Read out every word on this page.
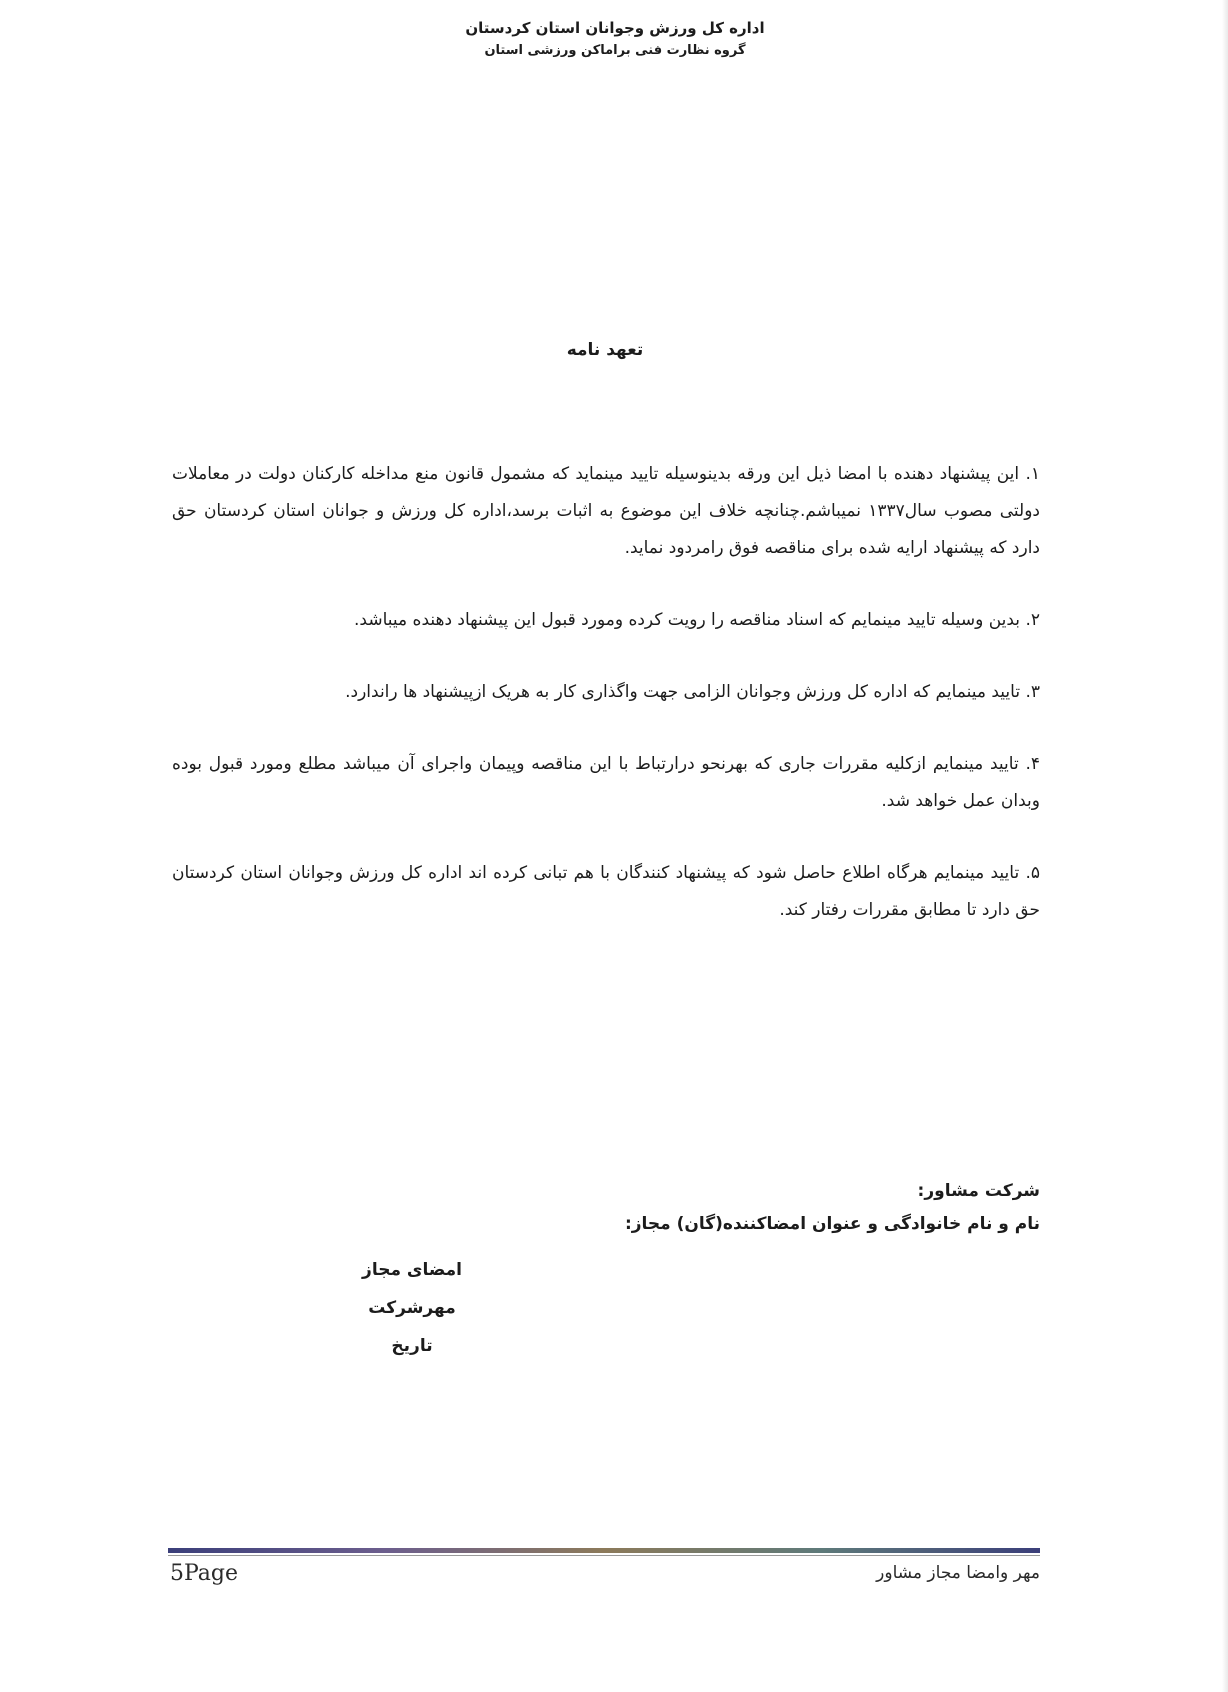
اداره کل ورزش وجوانان استان کردستان
گروه نظارت فنی براماکن ورزشی استان
تعهد نامه

۱. این پیشنهاد دهنده با امضا ذیل این ورقه بدینوسیله تایید مینماید که مشمول قانون منع مداخله کارکنان دولت در معاملات دولتی مصوب سال۱۳۳۷ نمیباشم.چنانچه خلاف این موضوع به اثبات برسد،اداره کل ورزش و جوانان استان کردستان حق دارد که پیشنهاد ارایه شده برای مناقصه فوق رامردود نماید.

۲. بدین وسیله تایید مینمایم که اسناد مناقصه را رویت کرده ومورد قبول این پیشنهاد دهنده میباشد.

۳. تایید مینمایم که اداره کل ورزش وجوانان الزامی جهت واگذاری کار به هریک ازپیشنهاد ها راندارد.

۴. تایید مینمایم ازکلیه مقررات جاری که بهرنحو درارتباط با این مناقصه وپیمان واجرای آن میباشد مطلع ومورد قبول بوده وبدان عمل خواهد شد.

۵. تایید مینمایم هرگاه اطلاع حاصل شود که پیشنهاد کنندگان با هم تبانی کرده اند اداره کل ورزش وجوانان استان کردستان حق دارد تا مطابق مقررات رفتار کند.

شرکت مشاور:
نام و نام خانوادگی و عنوان امضاکننده(گان) مجاز:
امضای مجاز
مهرشرکت
تاریخ
5Page	مهر وامضا مجاز مشاور
